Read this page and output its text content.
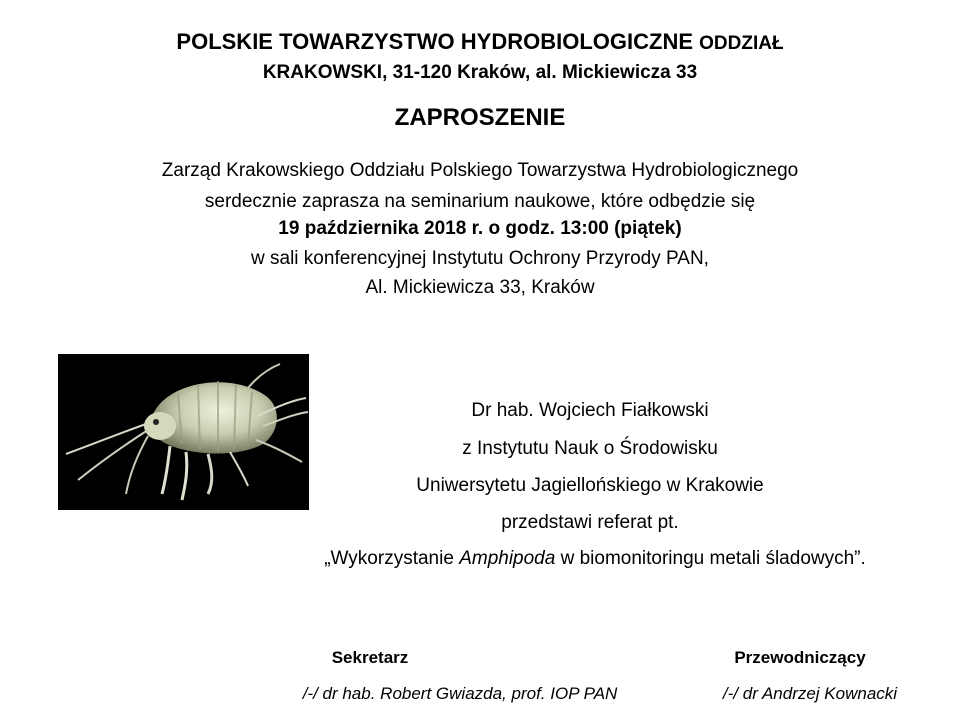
POLSKIE TOWARZYSTWO HYDROBIOLOGICZNE ODDZIAŁ
KRAKOWSKI, 31-120 Kraków, al. Mickiewicza 33
ZAPROSZENIE
Zarząd Krakowskiego Oddziału Polskiego Towarzystwa Hydrobiologicznego
serdecznie zaprasza na seminarium naukowe, które odbędzie się
19 października 2018 r. o godz. 13:00 (piątek)
w sali konferencyjnej Instytutu Ochrony Przyrody PAN,
Al. Mickiewicza 33, Kraków
Dr hab. Wojciech Fiałkowski
z Instytutu Nauk o Środowisku
Uniwersytetu Jagiellońskiego w Krakowie
przedstawi referat pt.
„Wykorzystanie Amphipoda w biomonitoringu metali śladowych”.
Sekretarz	Przewodniczący
/-/ dr hab. Robert Gwiazda, prof. IOP PAN	/-/ dr Andrzej Kownacki
